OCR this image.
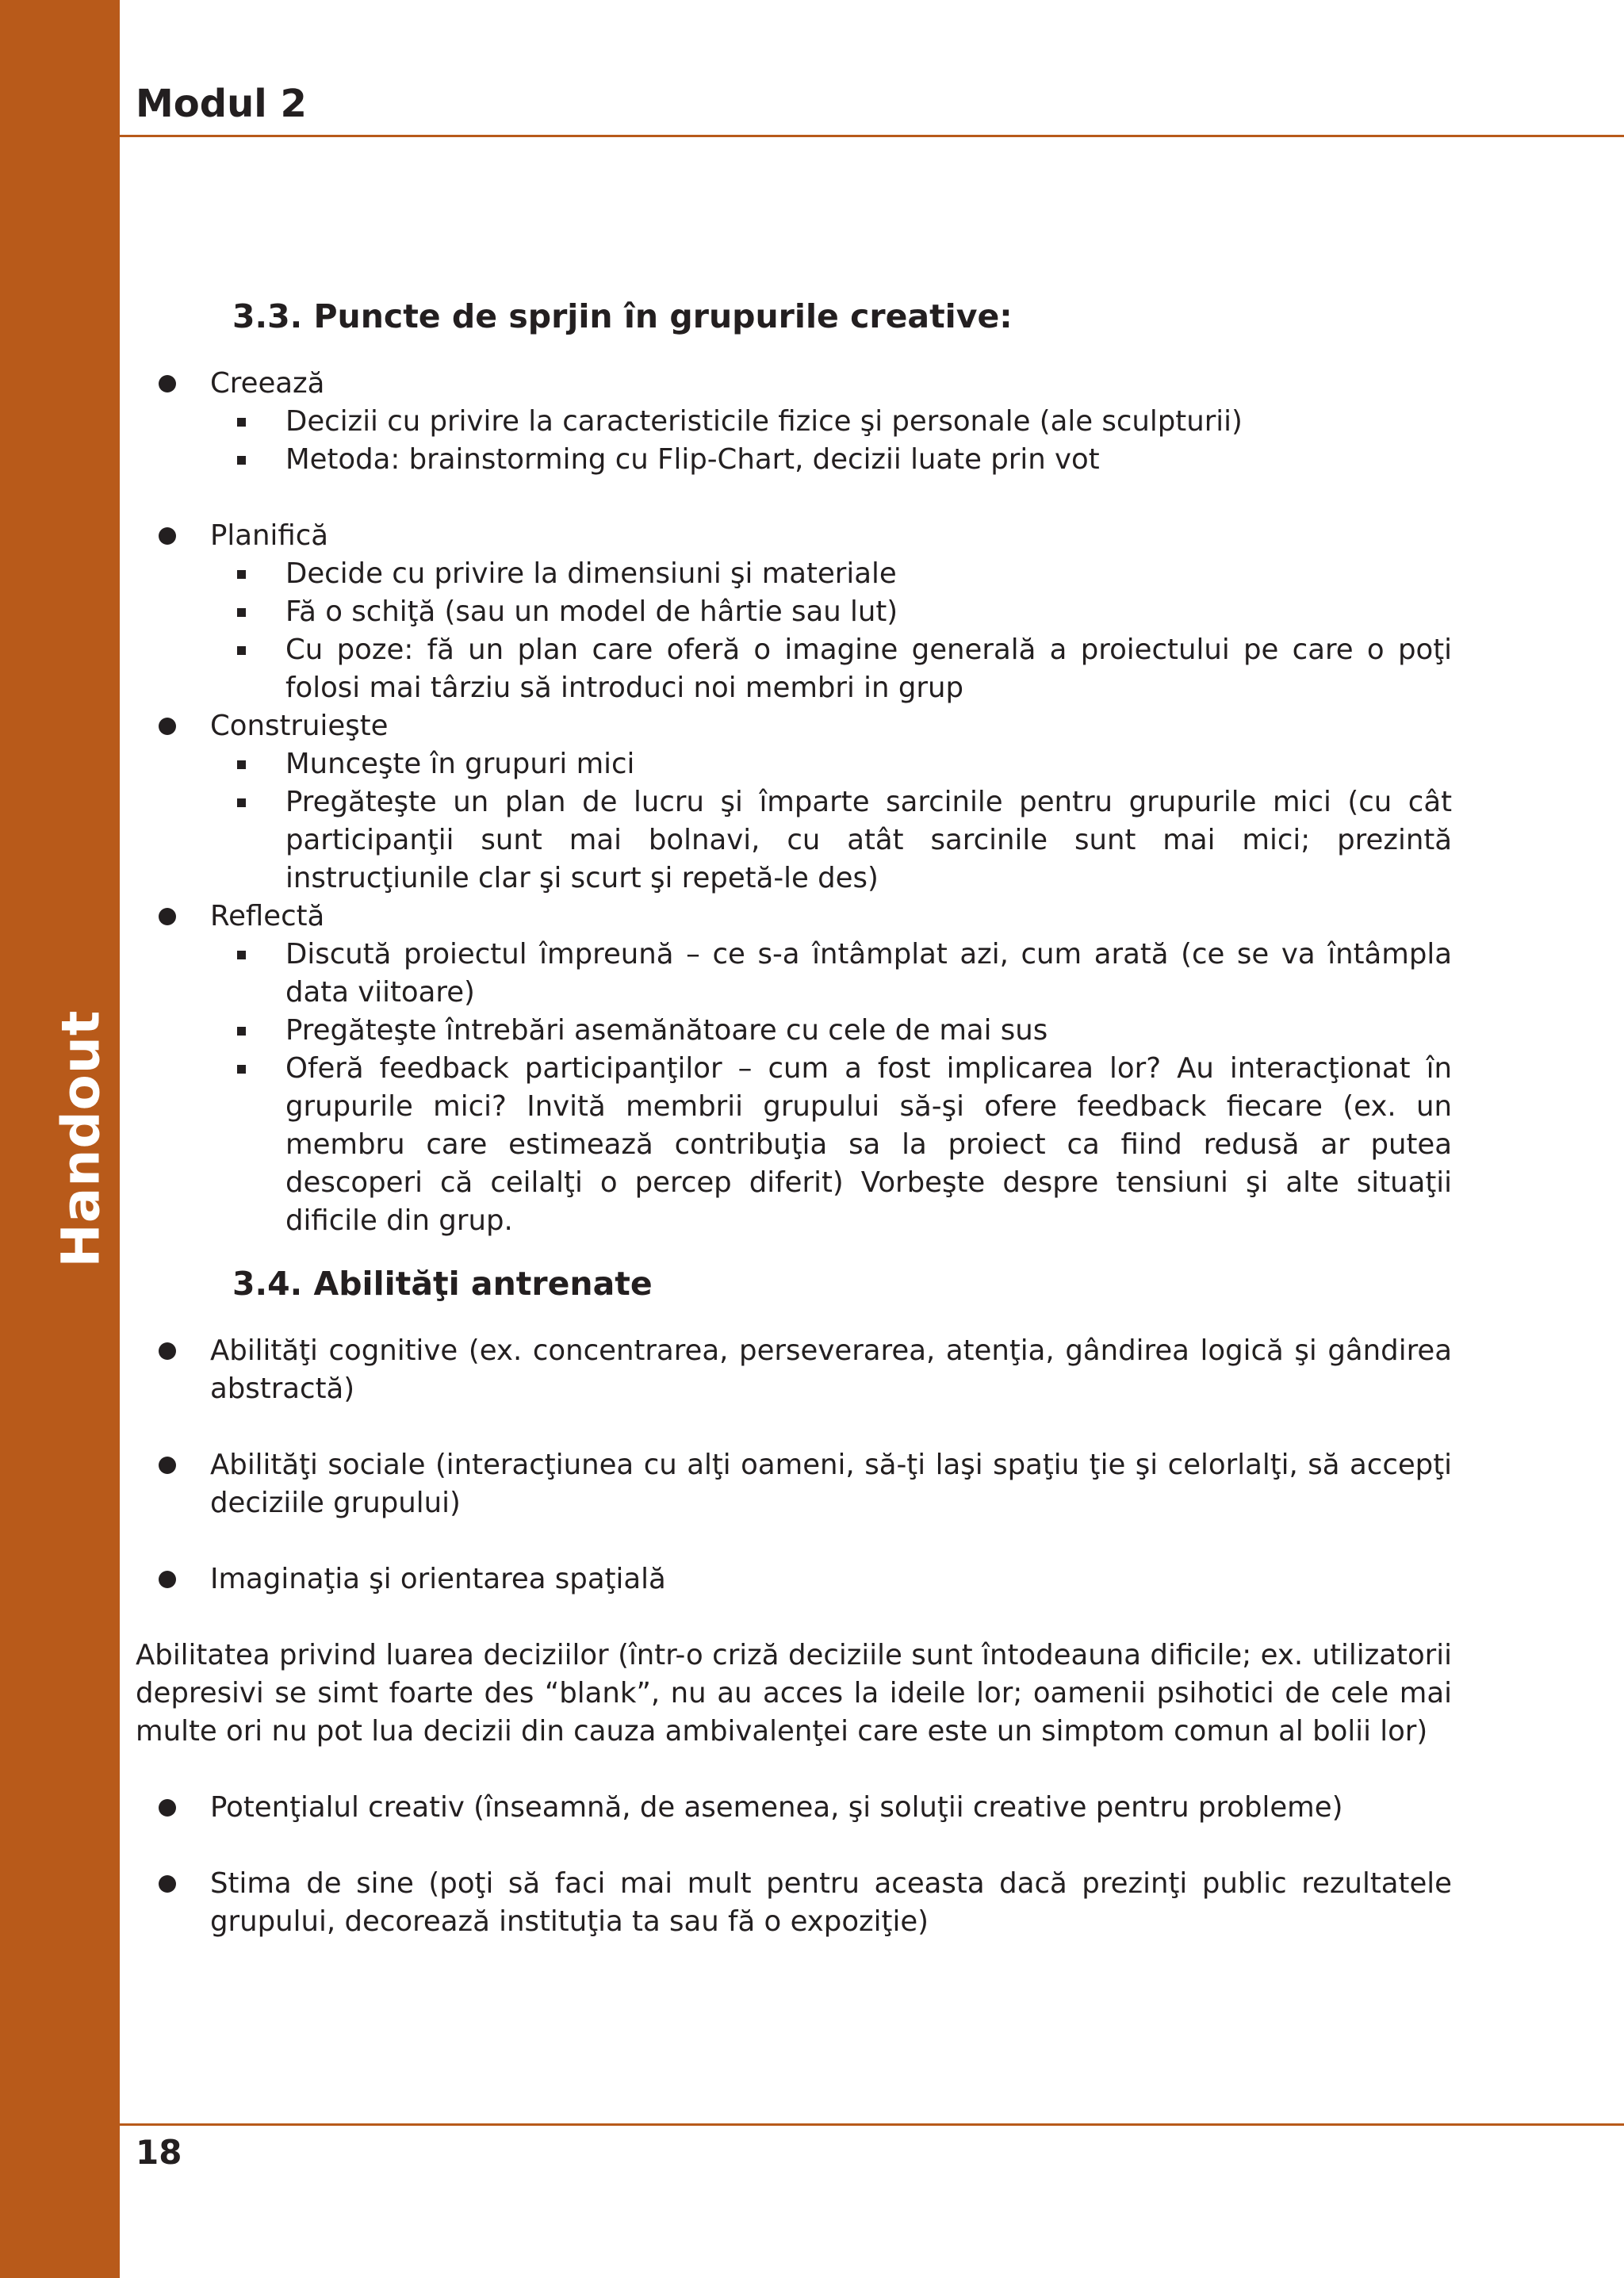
Handout
Modul 2
3.3. Puncte de sprjin în grupurile creative:
Creează
Decizii cu privire la caracteristicile fizice şi personale (ale sculpturii)
Metoda: brainstorming cu Flip-Chart, decizii luate prin vot
Planifică
Decide cu privire la dimensiuni şi materiale
Fă o schiţă (sau un model de hârtie sau lut)
Cu poze: fă un plan care oferă o imagine generală a proiectului pe care o poţi folosi mai târziu să introduci noi membri in grup
Construieşte
Munceşte în grupuri mici
Pregăteşte un plan de lucru şi împarte sarcinile pentru grupurile mici (cu cât participanţii sunt mai bolnavi, cu atât sarcinile sunt mai mici; prezintă instrucţiunile clar şi scurt şi repetă-le des)
Reflectă
Discută proiectul împreună – ce s-a întâmplat azi, cum arată (ce se va întâmpla data viitoare)
Pregăteşte întrebări asemănătoare cu cele de mai sus
Oferă feedback participanţilor – cum a fost implicarea lor? Au interacţionat în grupurile mici? Invită membrii grupului să-şi ofere feedback fiecare (ex. un membru care estimează contribuţia sa la proiect ca fiind redusă ar putea descoperi că ceilalţi o percep diferit) Vorbeşte despre tensiuni şi alte situaţii dificile din grup.
3.4. Abilităţi antrenate
Abilităţi cognitive (ex. concentrarea, perseverarea, atenţia, gândirea logică şi gândirea abstractă)
Abilităţi sociale (interacţiunea cu alţi oameni, să-ţi laşi spaţiu ţie şi celorlalţi, să accepţi deciziile grupului)
Imaginaţia şi orientarea spaţială

Abilitatea privind luarea deciziilor (într-o criză deciziile sunt întodeauna dificile; ex. utilizatorii depresivi se simt foarte des “blank”, nu au acces la ideile lor; oamenii psihotici de cele mai multe ori nu pot lua decizii din cauza ambivalenţei care este un simptom comun al bolii lor)

Potenţialul creativ (înseamnă, de asemenea, şi soluţii creative pentru probleme)
Stima de sine (poţi să faci mai mult pentru aceasta dacă prezinţi public rezultatele grupului, decorează instituţia ta sau fă o expoziţie)
18
